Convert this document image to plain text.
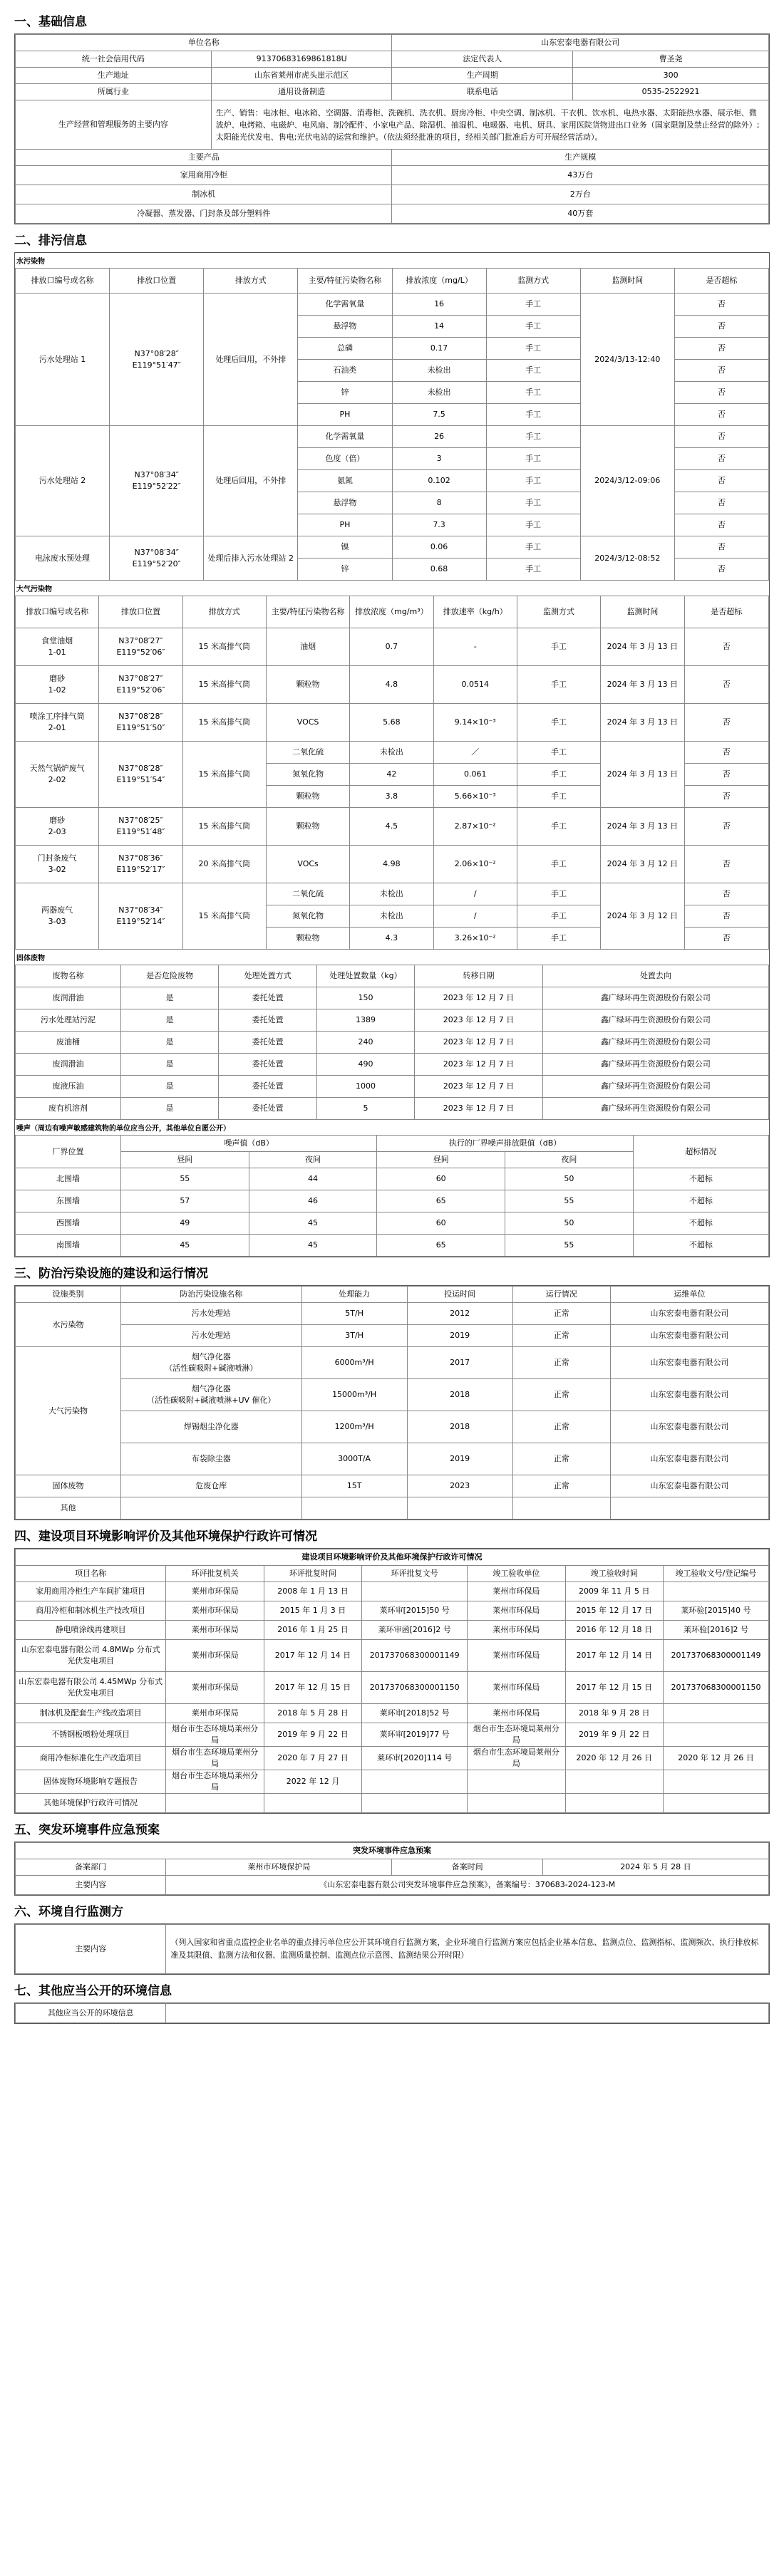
一、基础信息
单位名称		山东宏泰电器有限公司	
统一社会信用代码	91370683169861818U	法定代表人	曹圣尧
生产地址	山东省莱州市虎头崖示范区	生产周期	300
所属行业	通用设备制造	联系电话	0535-2522921
生产经营和管理服务的主要内容	生产、销售：电冰柜、电冰箱、空调器、消毒柜、洗碗机、洗衣机、厨房冷柜、中央空调、制冰机、干衣机、饮水机、电热水器、太阳能热水器、展示柜、微波炉、电烤箱、电磁炉、电风扇、制冷配件、小家电产品、除湿机、抽湿机、电暖器、电机、厨具、家用医院货物进出口业务（国家限制及禁止经营的除外）;太阳能光伏发电、售电;光伏电站的运营和维护。（依法须经批准的项目，经相关部门批准后方可开展经营活动）。		
主要产品		生产规模	
家用商用冷柜		43万台	
制冰机		2万台	
冷凝器、蒸发器、门封条及部分塑料件		40万套	
二、排污信息
水污染物
排放口编号或名称	排放口位置	排放方式	主要/特征污染物名称	排放浓度（mg/L）	监测方式	监测时间	是否超标
污水处理站 1	N37°08′28″
E119°51′47″	处理后回用，不外排	化学需氧量	16	手工	2024/3/13-12:40	否
			悬浮物	14	手工		否
			总磷	0.17	手工		否
			石油类	未检出	手工		否
			锌	未检出	手工		否
			PH	7.5	手工		否
污水处理站 2	N37°08′34″
E119°52′22″	处理后回用，不外排	化学需氧量	26	手工	2024/3/12-09:06	否
			色度（倍）	3	手工		否
			氨氮	0.102	手工		否
			悬浮物	8	手工		否
			PH	7.3	手工		否
电泳废水预处理	N37°08′34″
E119°52′20″	处理后排入污水处理站 2	镍	0.06	手工	2024/3/12-08:52	否
			锌	0.68	手工		否
大气污染物
排放口编号或名称	排放口位置	排放方式	主要/特征污染物名称	排放浓度（mg/m³）	排放速率（kg/h）	监测方式	监测时间	是否超标
食堂油烟
1-01	N37°08′27″
E119°52′06″	15 米高排气筒	油烟	0.7	-	手工	2024 年 3 月 13 日	否
磨砂
1-02	N37°08′27″
E119°52′06″	15 米高排气筒	颗粒物	4.8	0.0514	手工	2024 年 3 月 13 日	否
喷涂工序排气筒
2-01	N37°08′28″
E119°51′50″	15 米高排气筒	VOCS	5.68	9.14×10⁻³	手工	2024 年 3 月 13 日	否
天然气锅炉废气
2-02	N37°08′28″
E119°51′54″	15 米高排气筒	二氧化硫	未检出	／	手工	2024 年 3 月 13 日	否
			氮氧化物	42	0.061	手工		否
			颗粒物	3.8	5.66×10⁻³	手工		否
磨砂
2-03	N37°08′25″
E119°51′48″	15 米高排气筒	颗粒物	4.5	2.87×10⁻²	手工	2024 年 3 月 13 日	否
门封条废气
3-02	N37°08′36″
E119°52′17″	20 米高排气筒	VOCs	4.98	2.06×10⁻²	手工	2024 年 3 月 12 日	否
两器废气
3-03	N37°08′34″
E119°52′14″	15 米高排气筒	二氧化硫	未检出	/	手工	2024 年 3 月 12 日	否
			氮氧化物	未检出	/	手工		否
			颗粒物	4.3	3.26×10⁻²	手工		否
固体废物
废物名称	是否危险废物	处理处置方式	处理处置数量（kg）	转移日期	处置去向
废润滑油	是	委托处置	150	2023 年 12 月 7 日	鑫广绿环再生资源股份有限公司
污水处理站污泥	是	委托处置	1389	2023 年 12 月 7 日	鑫广绿环再生资源股份有限公司
废油桶	是	委托处置	240	2023 年 12 月 7 日	鑫广绿环再生资源股份有限公司
废润滑油	是	委托处置	490	2023 年 12 月 7 日	鑫广绿环再生资源股份有限公司
废液压油	是	委托处置	1000	2023 年 12 月 7 日	鑫广绿环再生资源股份有限公司
废有机溶剂	是	委托处置	5	2023 年 12 月 7 日	鑫广绿环再生资源股份有限公司
噪声（周边有噪声敏感建筑物的单位应当公开，其他单位自愿公开）
厂界位置	噪声值（dB）		执行的厂界噪声排放限值（dB）		超标情况
	昼间	夜间	昼间	夜间	
北围墙	55	44	60	50	不超标
东围墙	57	46	65	55	不超标
西围墙	49	45	60	50	不超标
南围墙	45	45	65	55	不超标
三、防治污染设施的建设和运行情况
设施类别	防治污染设施名称	处理能力	投运时间	运行情况	运维单位
水污染物	污水处理站	5T/H	2012	正常	山东宏泰电器有限公司
	污水处理站	3T/H	2019	正常	山东宏泰电器有限公司
大气污染物	烟气净化器
（活性碳吸附+碱液喷淋）	6000m³/H	2017	正常	山东宏泰电器有限公司
	烟气净化器
（活性碳吸附+碱液喷淋+UV 催化）	15000m³/H	2018	正常	山东宏泰电器有限公司
	焊锡烟尘净化器	1200m³/H	2018	正常	山东宏泰电器有限公司
	布袋除尘器	3000T/A	2019	正常	山东宏泰电器有限公司
固体废物	危废仓库	15T	2023	正常	山东宏泰电器有限公司
其他					
四、建设项目环境影响评价及其他环境保护行政许可情况
建设项目环境影响评价及其他环境保护行政许可情况						
项目名称	环评批复机关	环评批复时间	环评批复文号	竣工验收单位	竣工验收时间	竣工验收文号/登记编号
家用商用冷柜生产车间扩建项目	莱州市环保局	2008 年 1 月 13 日		莱州市环保局	2009 年 11 月 5 日	
商用冷柜和制冰机生产技改项目	莱州市环保局	2015 年 1 月 3 日	莱环审[2015]50 号	莱州市环保局	2015 年 12 月 17 日	莱环验[2015]40 号
静电喷涂线再建项目	莱州市环保局	2016 年 1 月 25 日	莱环审函[2016]2 号	莱州市环保局	2016 年 12 月 18 日	莱环验[2016]2 号
山东宏泰电器有限公司 4.8MWp 分布式光伏发电项目	莱州市环保局	2017 年 12 月 14 日	201737068300001149	莱州市环保局	2017 年 12 月 14 日	201737068300001149
山东宏泰电器有限公司 4.45MWp 分布式光伏发电项目	莱州市环保局	2017 年 12 月 15 日	201737068300001150	莱州市环保局	2017 年 12 月 15 日	201737068300001150
制冰机及配套生产线改造项目	莱州市环保局	2018 年 5 月 28 日	莱环审[2018]52 号	莱州市环保局	2018 年 9 月 28 日	
不锈钢板喷粉处理项目	烟台市生态环境局莱州分局	2019 年 9 月 22 日	莱环审[2019]77 号	烟台市生态环境局莱州分局	2019 年 9 月 22 日	
商用冷柜标准化生产改造项目	烟台市生态环境局莱州分局	2020 年 7 月 27 日	莱环审[2020]114 号	烟台市生态环境局莱州分局	2020 年 12 月 26 日	2020 年 12 月 26 日
固体废物环境影响专题报告	烟台市生态环境局莱州分局	2022 年 12 月				
其他环境保护行政许可情况						
五、突发环境事件应急预案
突发环境事件应急预案			
备案部门	莱州市环境保护局	备案时间	2024 年 5 月 28 日
主要内容	《山东宏泰电器有限公司突发环境事件应急预案》，备案编号：370683-2024-123-M		
六、环境自行监测方
主要内容	（列入国家和省重点监控企业名单的重点排污单位应公开其环境自行监测方案，企业环境自行监测方案应包括企业基本信息、监测点位、监测指标、监测频次、执行排放标准及其限值、监测方法和仪器、监测质量控制、监测点位示意图、监测结果公开时限）
七、其他应当公开的环境信息
其他应当公开的环境信息	
